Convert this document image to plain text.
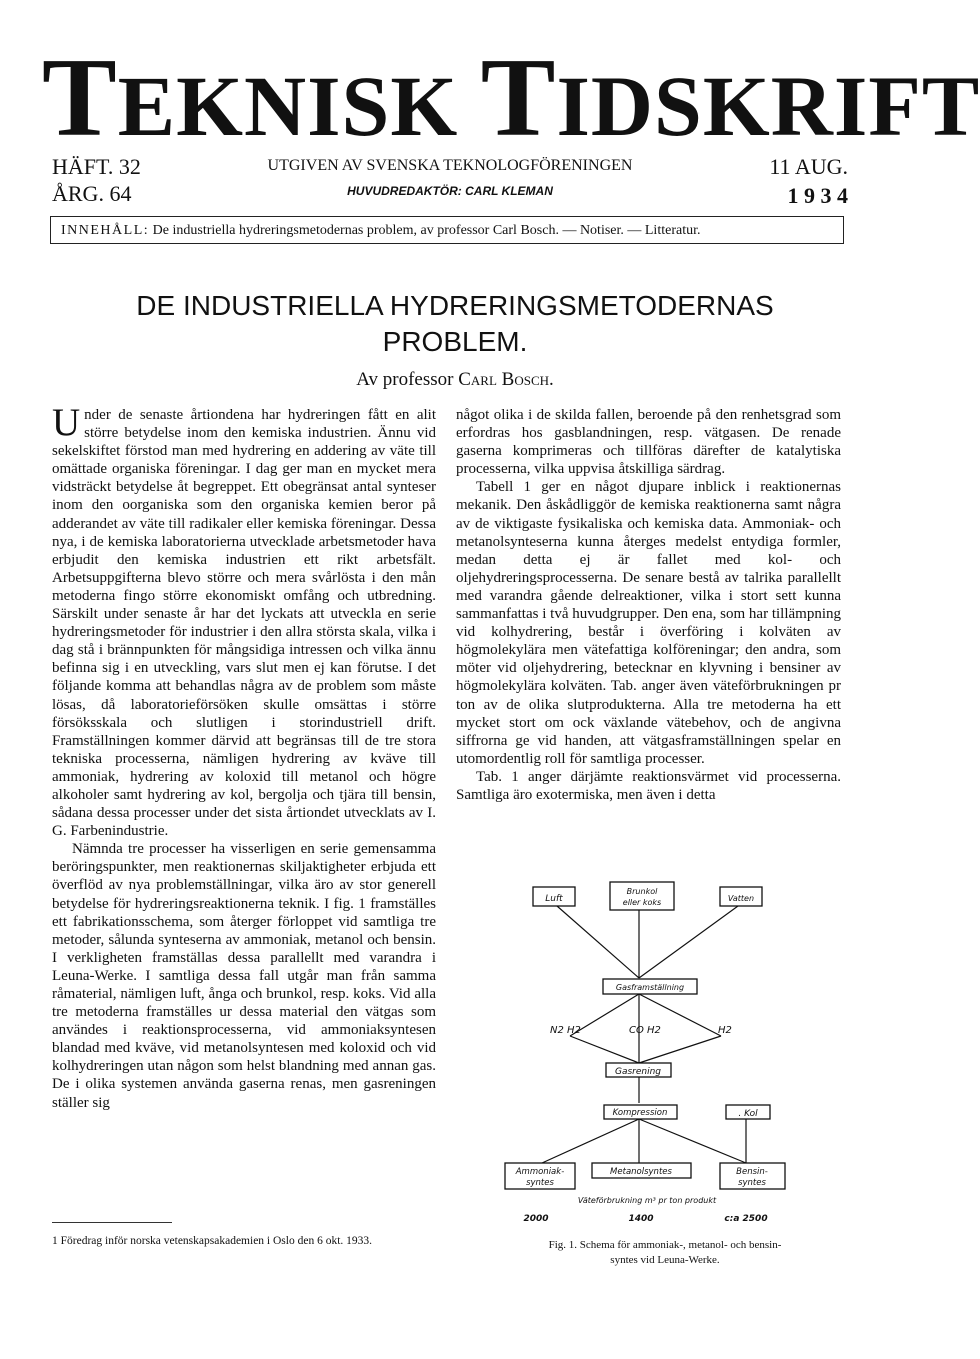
TEKNISK TIDSKRIFT
HÄFT. 32
ÅRG. 64
UTGIVEN AV SVENSKA TEKNOLOGFÖRENINGEN
HUVUDREDAKTÖR: CARL KLEMAN
11 AUG.
1 9 3 4
INNEHÅLL: De industriella hydreringsmetodernas problem, av professor Carl Bosch. — Notiser. — Litteratur.
DE INDUSTRIELLA HYDRERINGSMETODERNAS
PROBLEM.
Av professor Carl Bosch.

Under de senaste årtiondena har hydreringen fått en alit större betydelse inom den kemiska industrien. Ännu vid sekelskiftet förstod man med hydrering en addering av väte till omättade organiska föreningar. I dag ger man en mycket mera vidsträckt betydelse åt begreppet. Ett obegränsat antal synteser inom den oorganiska som den organiska kemien beror på adderandet av väte till radikaler eller kemiska föreningar. Dessa nya, i de kemiska laboratorierna utvecklade arbetsmetoder hava erbjudit den kemiska industrien ett rikt arbetsfält. Arbetsuppgifterna blevo större och mera svårlösta i den mån metoderna fingo större ekonomiskt omfång och utbredning. Särskilt under senaste år har det lyckats att utveckla en serie hydreringsmetoder för industrier i den allra största skala, vilka i dag stå i brännpunkten för mångsidiga intressen och vilka ännu befinna sig i en utveckling, vars slut men ej kan förutse. I det följande komma att behandlas några av de problem som måste lösas, då laboratorieförsöken skulle omsättas i större försöksskala och slutligen i storindustriell drift. Framställningen kommer därvid att begränsas till de tre stora tekniska processerna, nämligen hydrering av kväve till ammoniak, hydrering av koloxid till metanol och högre alkoholer samt hydrering av kol, bergolja och tjära till bensin, sådana dessa processer under det sista årtiondet utvecklats av I. G. Farbenindustrie.

Nämnda tre processer ha visserligen en serie gemensamma beröringspunkter, men reaktionernas skiljaktigheter erbjuda ett överflöd av nya problemställningar, vilka äro av stor generell betydelse för hydreringsreaktionerna teknik. I fig. 1 framställes ett fabrikationsschema, som återger förloppet vid samtliga tre metoder, sålunda synteserna av ammoniak, metanol och bensin. I verkligheten framställas dessa parallellt med varandra i Leuna-Werke. I samtliga dessa fall utgår man från samma råmaterial, nämligen luft, ånga och brunkol, resp. koks. Vid alla tre metoderna framställes ur dessa material den vätgas som användes i reaktionsprocesserna, vid ammoniaksyntesen blandad med kväve, vid metanolsyntesen med koloxid och vid kolhydreringen utan någon som helst blandning med annan gas. De i olika systemen använda gaserna renas, men gasreningen ställer sig

något olika i de skilda fallen, beroende på den renhetsgrad som erfordras hos gasblandningen, resp. vätgasen. De renade gaserna komprimeras och tillföras därefter de katalytiska processerna, vilka uppvisa åtskilliga särdrag.

Tabell 1 ger en något djupare inblick i reaktionernas mekanik. Den åskådliggör de kemiska reaktionerna samt några av de viktigaste fysikaliska och kemiska data. Ammoniak- och metanolsynteserna kunna återges medelst entydiga formler, medan detta ej är fallet med kol- och oljehydreringsprocesserna. De senare bestå av talrika parallellt med varandra gående delreaktioner, vilka i stort sett kunna sammanfattas i två huvudgrupper. Den ena, som har tillämpning vid kolhydrering, består i överföring i kolväten av högmolekylära men vätefattiga kolföreningar; den andra, som möter vid oljehydrering, betecknar en klyvning i bensiner av högmolekylära kolväten. Tab. anger även väteförbrukningen pr ton av de olika slutprodukterna. Alla tre metoderna ha ett mycket stort om ock växlande vätebehov, och de angivna siffrorna ge vid handen, att vätgasframställningen spelar en utomordentlig roll för samtliga processer.

Tab. 1 anger därjämte reaktionsvärmet vid processerna. Samtliga äro exotermiska, men även i detta

1 Föredrag inför norska vetenskapsakademien i Oslo den 6 okt. 1933.
Luft
Brunkol
eller koks	Vatten
Gasframställning
N2 H2	CO H2	H2
Gasrening
Kompression	. Kol
Ammoniak-
syntes
Metanolsyntes	Bensin-
syntes
Väteförbrukning m³ pr ton produkt
2000	1400	c:a 2500
Fig. 1. Schema för ammoniak-, metanol- och bensin-
syntes vid Leuna-Werke.
